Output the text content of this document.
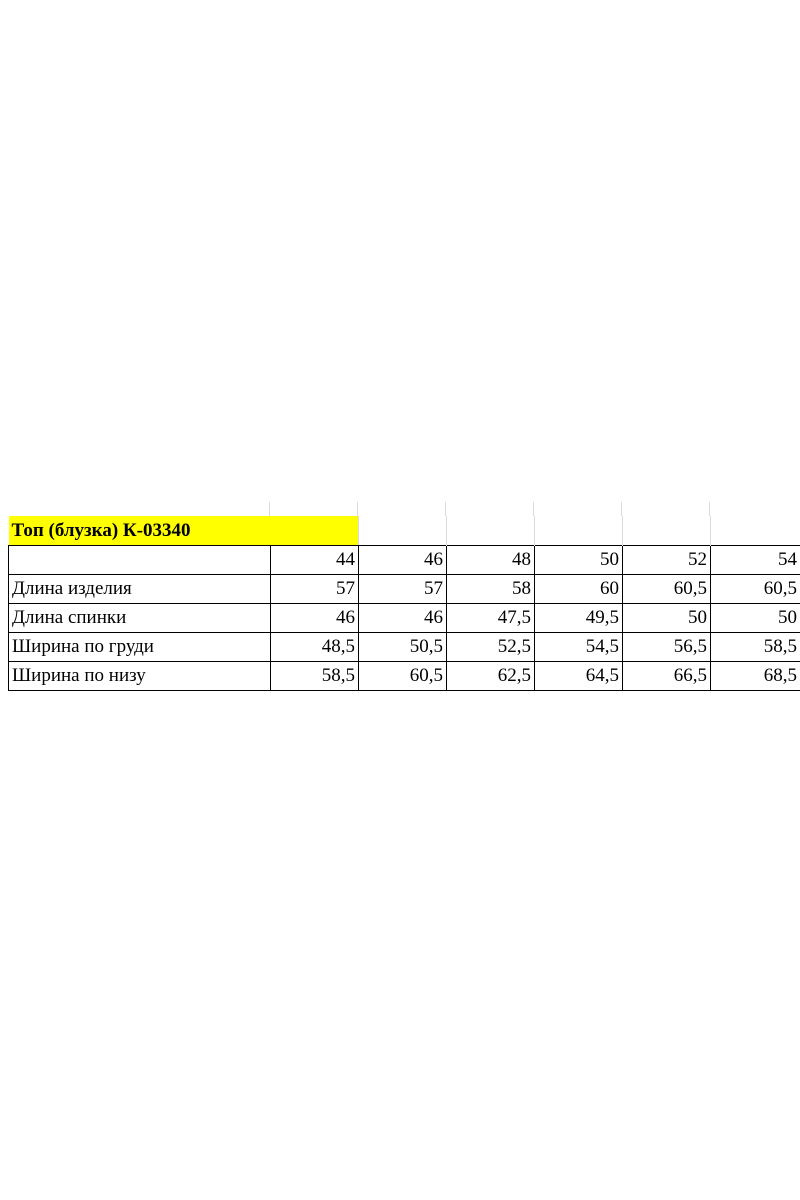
Топ (блузка) К-03340						
	44	46	48	50	52	54
Длина изделия	57	57	58	60	60,5	60,5
Длина спинки	46	46	47,5	49,5	50	50
Ширина по груди	48,5	50,5	52,5	54,5	56,5	58,5
Ширина по низу	58,5	60,5	62,5	64,5	66,5	68,5
